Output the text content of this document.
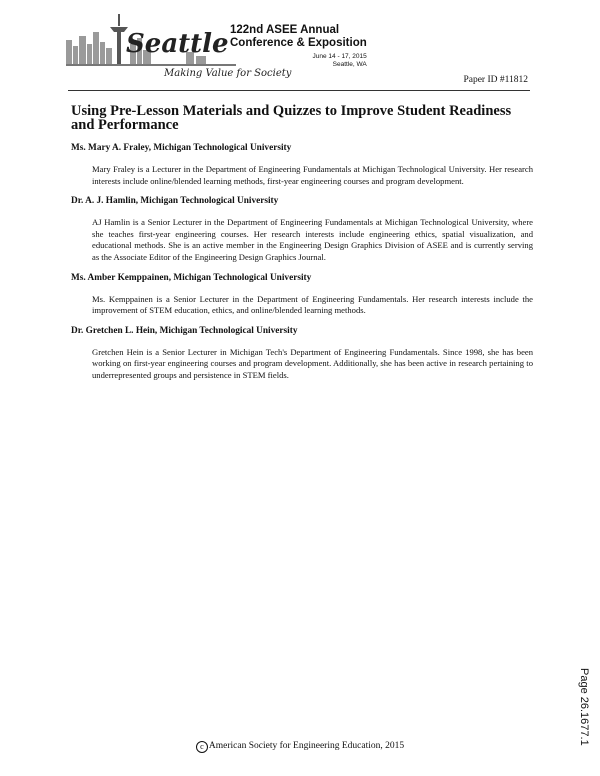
Seattle
Making Value for Society
122nd ASEE Annual
Conference & Exposition
June 14 - 17, 2015
Seattle, WA
Paper ID #11812
Using Pre-Lesson Materials and Quizzes to Improve Student Readiness and Performance
Ms. Mary A. Fraley, Michigan Technological University

Mary Fraley is a Lecturer in the Department of Engineering Fundamentals at Michigan Technological University. Her research interests include online/blended learning methods, first-year engineering courses and program development.

Dr. A. J. Hamlin, Michigan Technological University

AJ Hamlin is a Senior Lecturer in the Department of Engineering Fundamentals at Michigan Technological University, where she teaches first-year engineering courses. Her research interests include engineering ethics, spatial visualization, and educational methods. She is an active member in the Engineering Design Graphics Division of ASEE and is currently serving as the Associate Editor of the Engineering Design Graphics Journal.

Ms. Amber Kemppainen, Michigan Technological University

Ms. Kemppainen is a Senior Lecturer in the Department of Engineering Fundamentals. Her research interests include the improvement of STEM education, ethics, and online/blended learning methods.

Dr. Gretchen L. Hein, Michigan Technological University

Gretchen Hein is a Senior Lecturer in Michigan Tech's Department of Engineering Fundamentals. Since 1998, she has been working on first-year engineering courses and program development. Additionally, she has been active in research pertaining to underrepresented groups and persistence in STEM fields.

Page 26.1677.1
c American Society for Engineering Education, 2015
